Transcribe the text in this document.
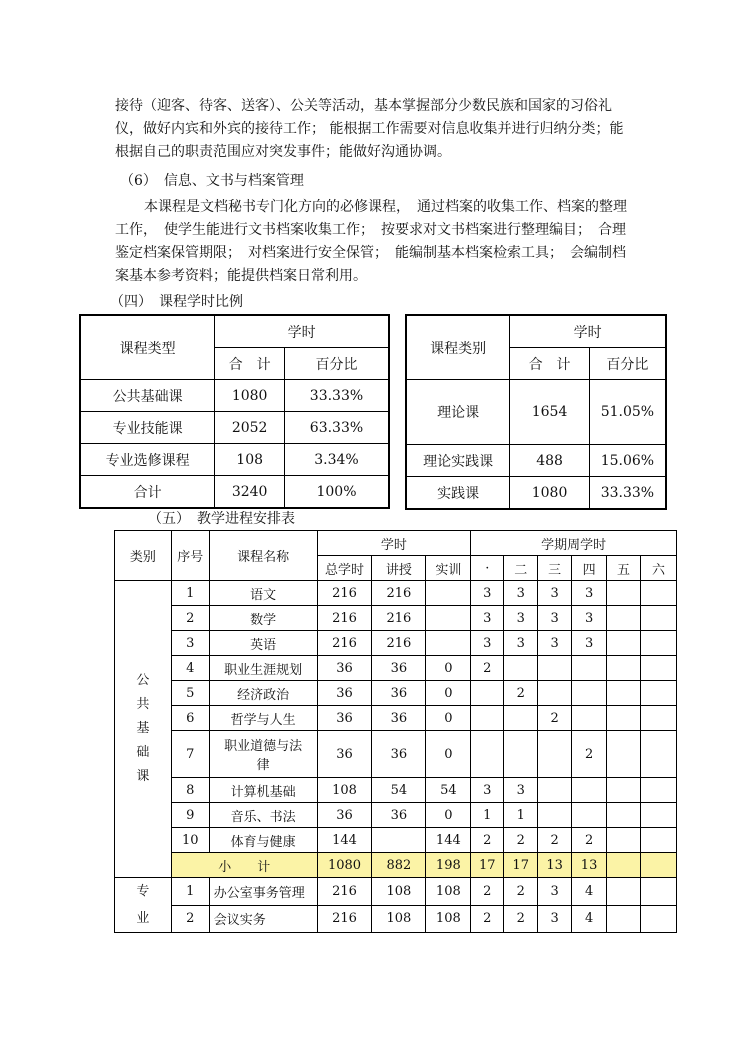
接待（迎客、待客、送客）、公关等活动，基本掌握部分少数民族和国家的习俗礼仪，做好内宾和外宾的接待工作； 能根据工作需要对信息收集并进行归纳分类；能根据自己的职责范围应对突发事件；能做好沟通协调。

（6）　信息、文书与档案管理

本课程是文档秘书专门化方向的必修课程，　通过档案的收集工作、档案的整理工作，　使学生能进行文书档案收集工作；　按要求对文书档案进行整理编目；　合理鉴定档案保管期限；　对档案进行安全保管；　能编制基本档案检索工具；　会编制档案基本参考资料；能提供档案日常利用。

（四）　课程学时比例
课程类型	学时	
	合　计	百分比
公共基础课	1080	33.33%
专业技能课	2052	63.33%
专业选修课程	108	3.34%
合计	3240	100%
课程类别	学时	
	合　计	百分比
理论课	1654	51.05%
理论实践课	488	15.06%
实践课	1080	33.33%
（五）　教学进程安排表
类别	序号	课程名称	学时			学期周学时					
			总学时	讲授	实训	·	二	三	四	五	六
公
共
基
础
课	1	语文	216	216		3	3	3	3		
	2	数学	216	216		3	3	3	3		
	3	英语	216	216		3	3	3	3		
	4	职业生涯规划	36	36	0	2					
	5	经济政治	36	36	0		2				
	6	哲学与人生	36	36	0			2			
	7	职业道德与法律	36	36	0				2		
	8	计算机基础	108	54	54	3	3				
	9	音乐、书法	36	36	0	1	1				
	10	体育与健康	144		144	2	2	2	2		
	小　　计		1080	882	198	17	17	13	13		
专
业	1	办公室事务管理	216	108	108	2	2	3	4		
	2	会议实务	216	108	108	2	2	3	4		
